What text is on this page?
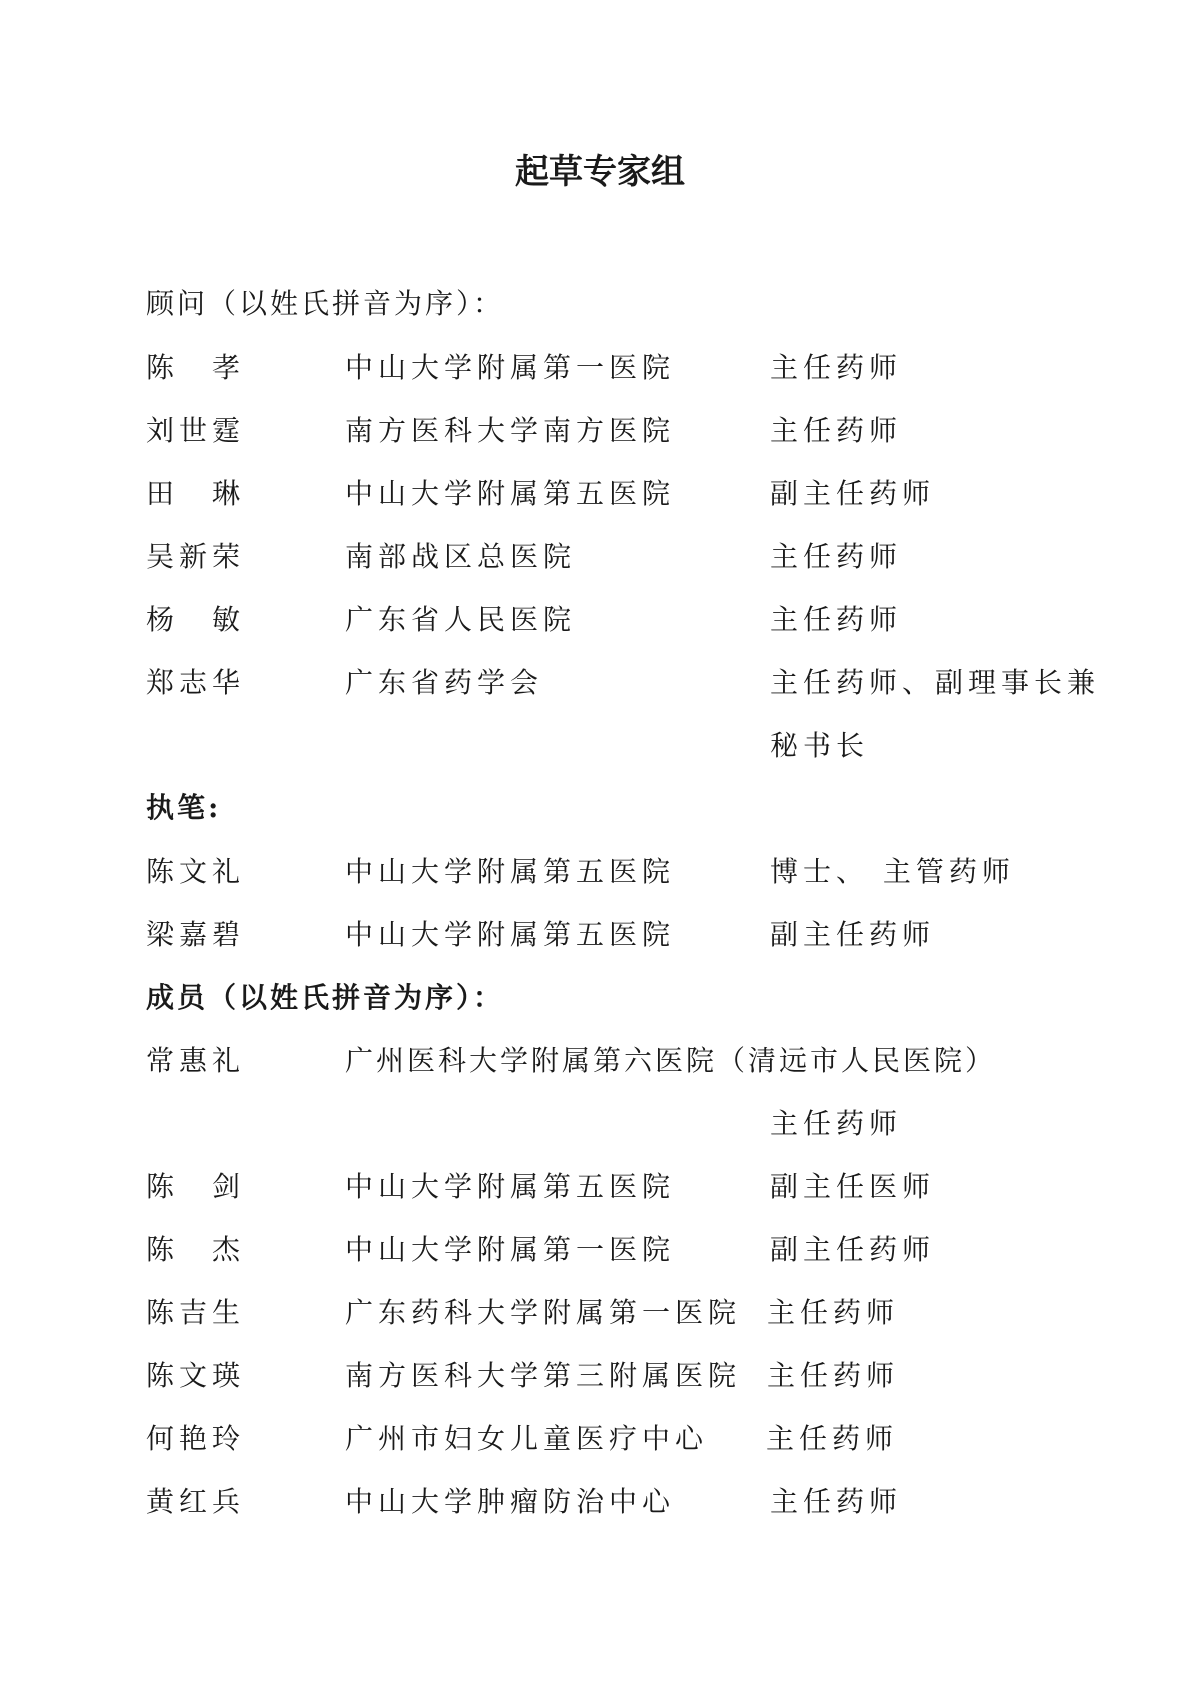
起草专家组
顾问（以姓氏拼音为序）：
陈　孝	中山大学附属第一医院	主任药师
刘世霆	南方医科大学南方医院	主任药师
田　琳	中山大学附属第五医院	副主任药师
吴新荣	南部战区总医院	主任药师
杨　敏	广东省人民医院	主任药师
郑志华	广东省药学会	主任药师、副理事长兼
秘书长
执笔:
陈文礼	中山大学附属第五医院	博士、 主管药师
梁嘉碧	中山大学附属第五医院	副主任药师
成员（以姓氏拼音为序）：
常惠礼	广州医科大学附属第六医院（清远市人民医院）
主任药师
陈　剑	中山大学附属第五医院	副主任医师
陈　杰	中山大学附属第一医院	副主任药师
陈吉生	广东药科大学附属第一医院 主任药师
陈文瑛	南方医科大学第三附属医院 主任药师
何艳玲	广州市妇女儿童医疗中心 主任药师
黄红兵	中山大学肿瘤防治中心	主任药师
